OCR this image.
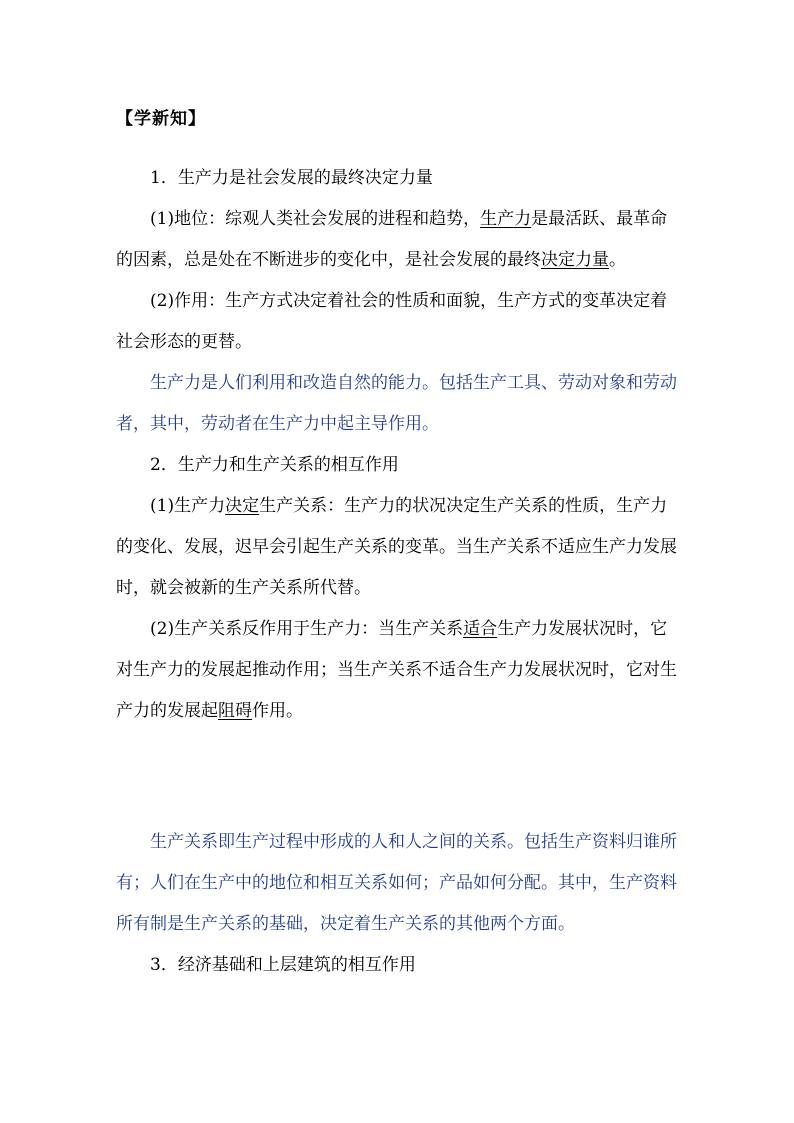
【学新知】

1．生产力是社会发展的最终决定力量

(1)地位：综观人类社会发展的进程和趋势，生产力是最活跃、最革命的因素，总是处在不断进步的变化中，是社会发展的最终决定力量。

(2)作用：生产方式决定着社会的性质和面貌，生产方式的变革决定着社会形态的更替。

生产力是人们利用和改造自然的能力。包括生产工具、劳动对象和劳动者，其中，劳动者在生产力中起主导作用。

2．生产力和生产关系的相互作用

(1)生产力决定生产关系：生产力的状况决定生产关系的性质，生产力的变化、发展，迟早会引起生产关系的变革。当生产关系不适应生产力发展时，就会被新的生产关系所代替。

(2)生产关系反作用于生产力：当生产关系适合生产力发展状况时，它对生产力的发展起推动作用；当生产关系不适合生产力发展状况时，它对生产力的发展起阻碍作用。

生产关系即生产过程中形成的人和人之间的关系。包括生产资料归谁所有；人们在生产中的地位和相互关系如何；产品如何分配。其中，生产资料所有制是生产关系的基础，决定着生产关系的其他两个方面。

3．经济基础和上层建筑的相互作用
